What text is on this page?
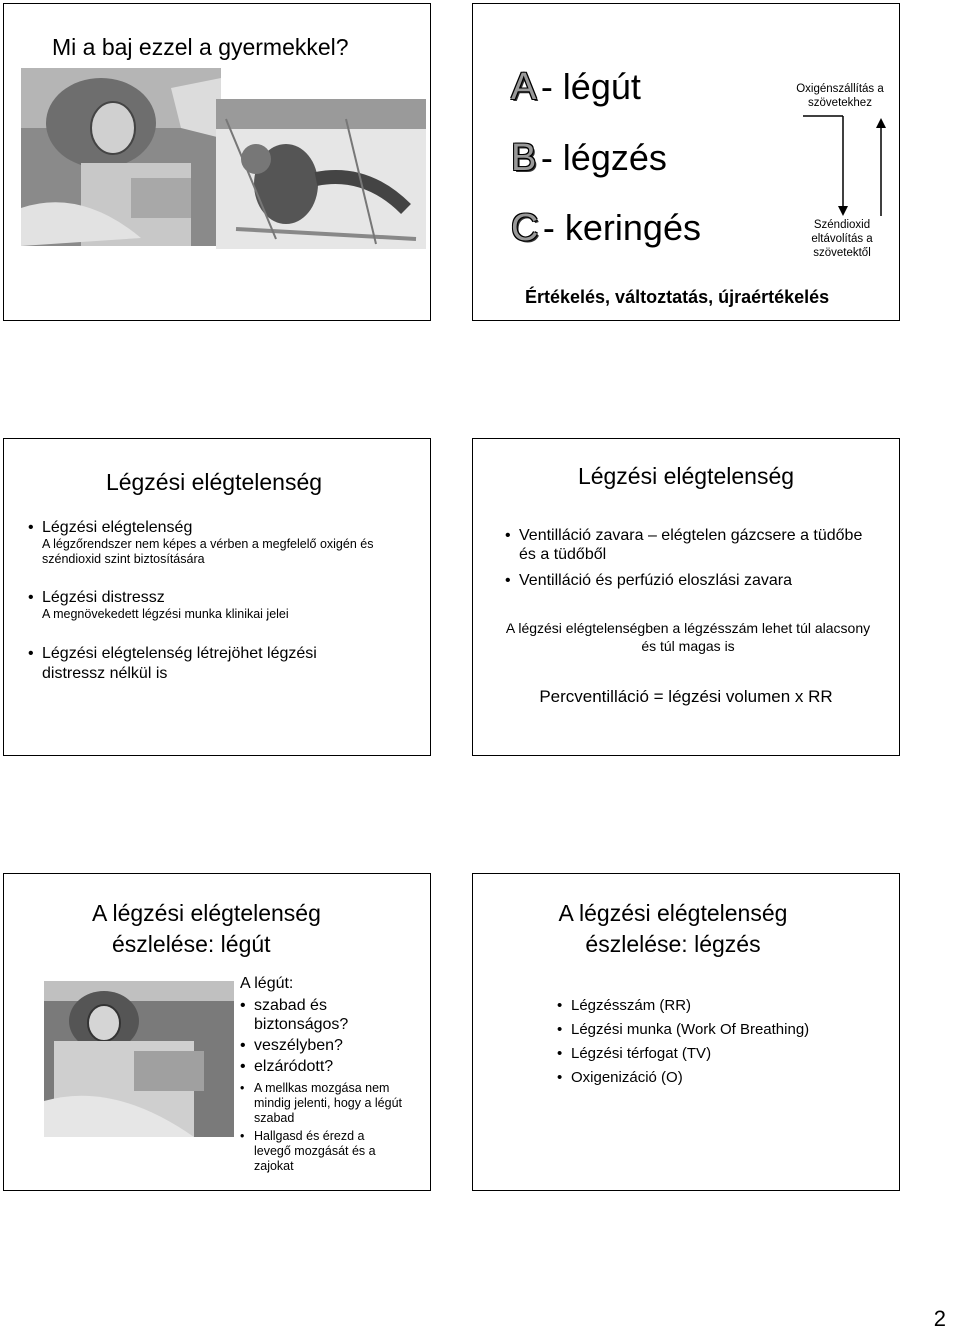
Mi a baj ezzel a gyermekkel?
A - légút
B - légzés
C - keringés
Oxigénszállítás a szövetekhez
Széndioxid eltávolítás a szövetektől
Értékelés, változtatás, újraértékelés
Légzési elégtelenség
• Légzési elégtelenség
A légzőrendszer nem képes a vérben a megfelelő oxigén és széndioxid szint biztosítására
• Légzési distressz
A megnövekedett légzési munka klinikai jelei
• Légzési elégtelenség létrejöhet légzési distressz nélkül is
Légzési elégtelenség
• Ventilláció zavara – elégtelen gázcsere a tüdőbe és a tüdőből
• Ventilláció és perfúzió eloszlási zavara
A légzési elégtelenségben a légzésszám lehet túl alacsony és túl magas is
Percventilláció = légzési volumen x RR
A légzési elégtelenség
észlelése: légút
A légút:
• szabad és biztonságos?
• veszélyben?
• elzáródott?
• A mellkas mozgása nem mindig jelenti, hogy a légút szabad
• Hallgasd és érezd a levegő mozgását és a zajokat
A légzési elégtelenség
észlelése: légzés
• Légzésszám (RR)
• Légzési munka (Work Of Breathing)
• Légzési térfogat (TV)
• Oxigenizáció (O)
2
